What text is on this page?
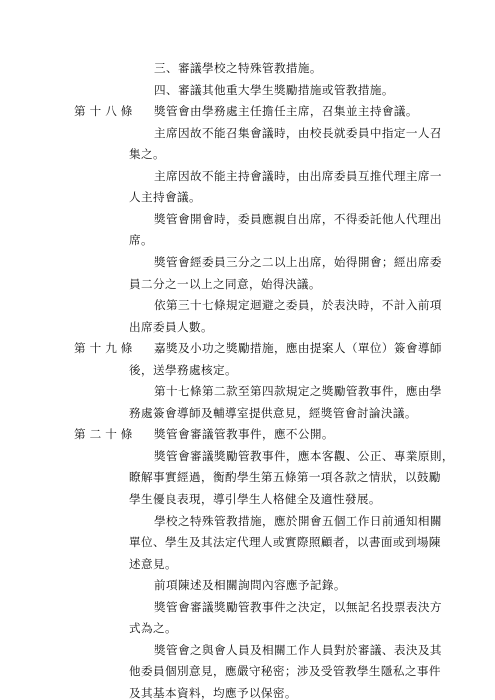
三、審議學校之特殊管教措施。

四、審議其他重大學生獎勵措施或管教措施。

第十八條 獎管會由學務處主任擔任主席，召集並主持會議。

主席因故不能召集會議時，由校長就委員中指定一人召

集之。

主席因故不能主持會議時，由出席委員互推代理主席一

人主持會議。

獎管會開會時，委員應親自出席，不得委託他人代理出

席。

獎管會經委員三分之二以上出席，始得開會；經出席委

員二分之一以上之同意，始得決議。

依第三十七條規定迴避之委員，於表決時，不計入前項

出席委員人數。

第十九條 嘉獎及小功之獎勵措施，應由提案人（單位）簽會導師

後，送學務處核定。

第十七條第二款至第四款規定之獎勵管教事件，應由學

務處簽會導師及輔導室提供意見，經獎管會討論決議。

第二十條 獎管會審議管教事件，應不公開。

獎管會審議獎勵管教事件，應本客觀、公正、專業原則，

瞭解事實經過，衡酌學生第五條第一項各款之情狀，以鼓勵

學生優良表現，導引學生人格健全及適性發展。

學校之特殊管教措施，應於開會五個工作日前通知相關

單位、學生及其法定代理人或實際照顧者，以書面或到場陳

述意見。

前項陳述及相關詢問內容應予記錄。

獎管會審議獎勵管教事件之決定，以無記名投票表決方

式為之。

獎管會之與會人員及相關工作人員對於審議、表決及其

他委員個別意見，應嚴守秘密；涉及受管教學生隱私之事件

及其基本資料，均應予以保密。
